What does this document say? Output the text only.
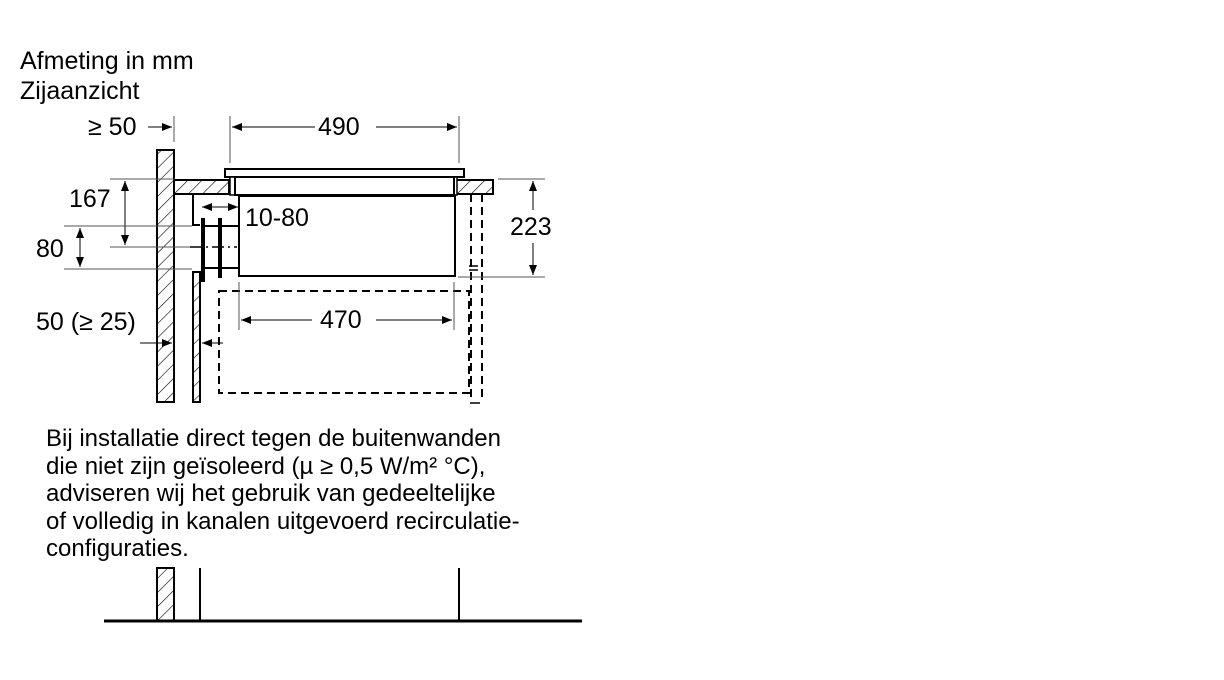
Afmeting in mm
Zijaanzicht
≥ 50	490
167
80
10-80	223
470
50 (≥ 25)
Bij installatie direct tegen de buitenwanden
die niet zijn geïsoleerd (µ ≥ 0,5 W/m² °C),
adviseren wij het gebruik van gedeeltelijke
of volledig in kanalen uitgevoerd recirculatie-
configuraties.
